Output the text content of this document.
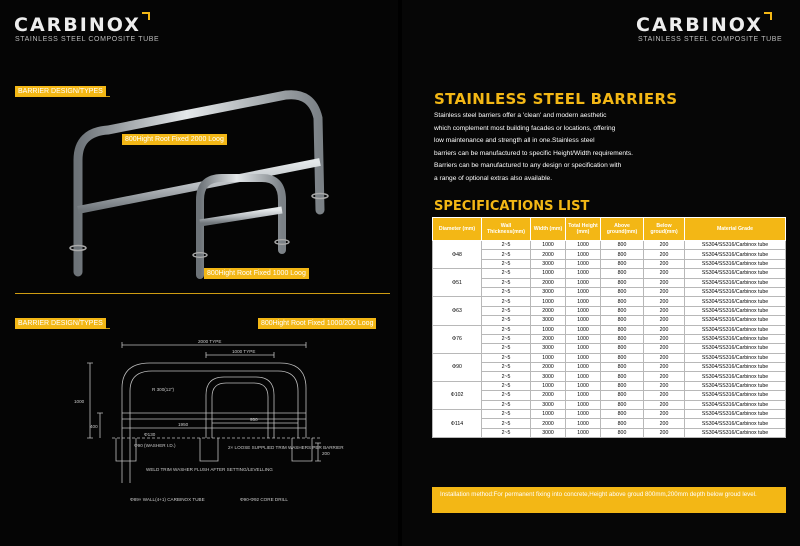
CARBINOX
STAINLESS STEEL COMPOSITE TUBE
BARRIER DESIGN/TYPES
800Hight Root Fixed 2000 Loog
800Hight Root Fixed 1000 Loog
BARRIER DESIGN/TYPES	800Hight Root Fixed 1000/200 Loog
2000 TYPE
1000 TYPE
R 300(12")
1950
950
1000
400
Φ130
Φ90 (WASHER I.D.)	2× LOOSE SUPPLIED TRIM WASHERS PER BARRIER
WELD TRIM WASHER FLUSH AFTER SETTING/LEVELLING
Φ89× WALL(4+1) CARBINOX TUBE	Φ90-Φ92 CORE DRILL
200
CARBINOX
STAINLESS STEEL COMPOSITE TUBE
STAINLESS STEEL BARRIERS
Stainless steel barriers offer a 'clean' and modern aesthetic
which complement most building facades or locations, offering
low maintenance and strength all in one.Stainless steel
barriers can be manufactured to specific Height/Width requirements.
Barriers can be manufactured to any design or specification with
a range of optional extras also available.
SPECIFICATIONS LIST
Diameter (mm)	Wall Thickness(mm)	Width (mm)	Total Height (mm)	Above ground(mm)	Below groud(mm)	Material Grade
Φ48	2~5	1000	1000	800	200	SS304/SS316/Carbinox tube
	2~5	2000	1000	800	200	SS304/SS316/Carbinox tube
	2~5	3000	1000	800	200	SS304/SS316/Carbinox tube
Φ51	2~5	1000	1000	800	200	SS304/SS316/Carbinox tube
	2~5	2000	1000	800	200	SS304/SS316/Carbinox tube
	2~5	3000	1000	800	200	SS304/SS316/Carbinox tube
Φ63	2~5	1000	1000	800	200	SS304/SS316/Carbinox tube
	2~5	2000	1000	800	200	SS304/SS316/Carbinox tube
	2~5	3000	1000	800	200	SS304/SS316/Carbinox tube
Φ76	2~5	1000	1000	800	200	SS304/SS316/Carbinox tube
	2~5	2000	1000	800	200	SS304/SS316/Carbinox tube
	2~5	3000	1000	800	200	SS304/SS316/Carbinox tube
Φ90	2~5	1000	1000	800	200	SS304/SS316/Carbinox tube
	2~5	2000	1000	800	200	SS304/SS316/Carbinox tube
	2~5	3000	1000	800	200	SS304/SS316/Carbinox tube
Φ102	2~5	1000	1000	800	200	SS304/SS316/Carbinox tube
	2~5	2000	1000	800	200	SS304/SS316/Carbinox tube
	2~5	3000	1000	800	200	SS304/SS316/Carbinox tube
Φ114	2~5	1000	1000	800	200	SS304/SS316/Carbinox tube
	2~5	2000	1000	800	200	SS304/SS316/Carbinox tube
	2~5	3000	1000	800	200	SS304/SS316/Carbinox tube
Installation method:For permanent fixing into concrete,Height above groud 800mm,200mm depth below groud level.
